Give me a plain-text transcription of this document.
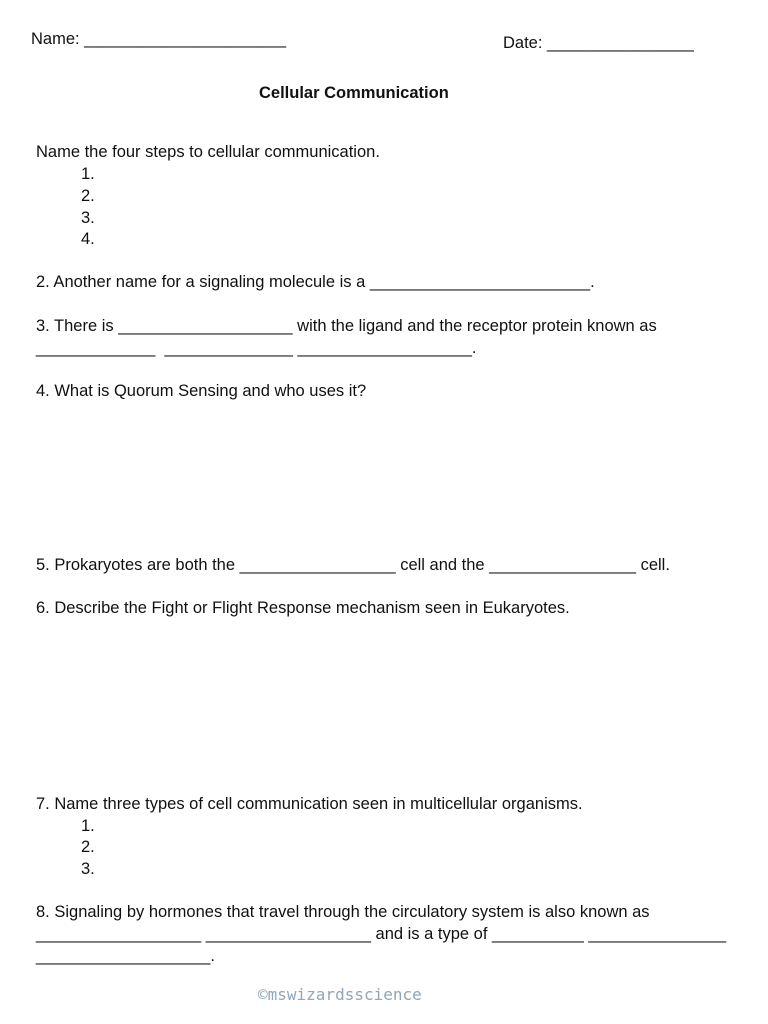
Name: ______________________	Date: ________________
Cellular Communication
Name the four steps to cellular communication.
1.
2.
3.
4.
2. Another name for a signaling molecule is a ________________________.
3. There is ___________________ with the ligand and the receptor protein known as
_____________  ______________ ___________________.
4. What is Quorum Sensing and who uses it?
5. Prokaryotes are both the _________________ cell and the ________________ cell.
6. Describe the Fight or Flight Response mechanism seen in Eukaryotes.
7. Name three types of cell communication seen in multicellular organisms.
1.
2.
3.
8. Signaling by hormones that travel through the circulatory system is also known as
__________________ __________________ and is a type of __________ _______________
___________________.
©mswizardsscience
